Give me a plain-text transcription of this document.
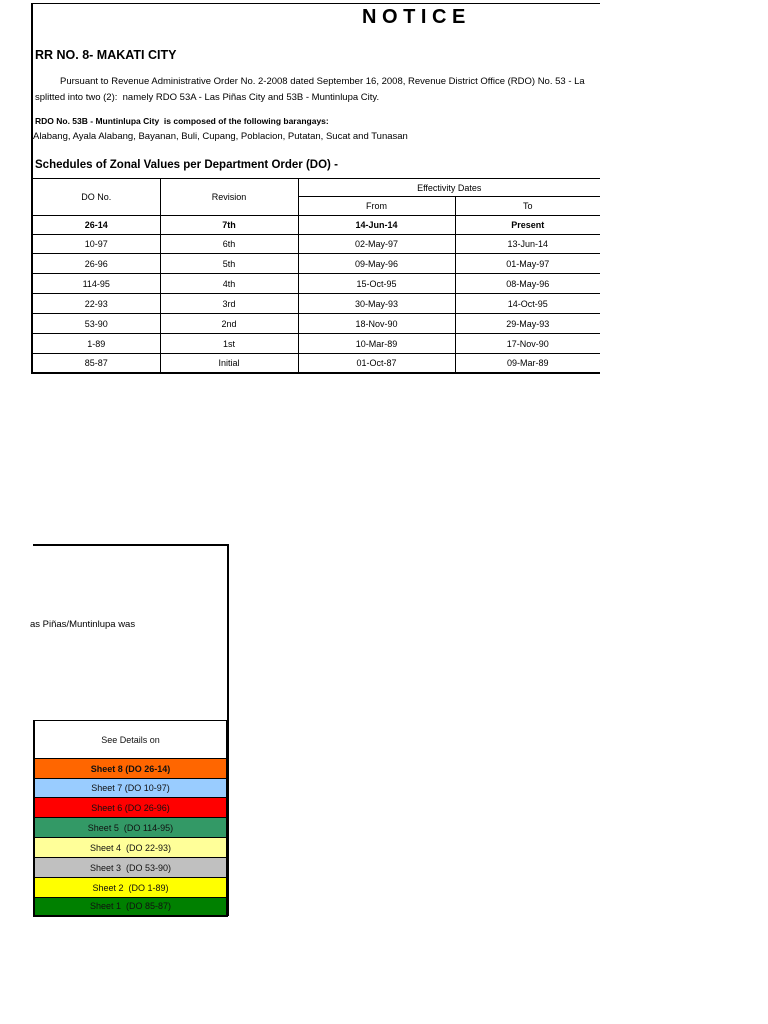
N O T I C E
RR NO. 8- MAKATI CITY
Pursuant to Revenue Administrative Order No. 2-2008 dated September 16, 2008, Revenue District Office (RDO) No. 53 - La
splitted into two (2):  namely RDO 53A - Las Piñas City and 53B - Muntinlupa City.
RDO No. 53B - Muntinlupa City  is composed of the following barangays:
Alabang, Ayala Alabang, Bayanan, Buli, Cupang, Poblacion, Putatan, Sucat and Tunasan
Schedules of Zonal Values per Department Order (DO) -
DO No.	Revision	Effectivity Dates	
		From	To
26-14	7th	14-Jun-14	Present
10-97	6th	02-May-97	13-Jun-14
26-96	5th	09-May-96	01-May-97
114-95	4th	15-Oct-95	08-May-96
22-93	3rd	30-May-93	14-Oct-95
53-90	2nd	18-Nov-90	29-May-93
1-89	1st	10-Mar-89	17-Nov-90
85-87	Initial	01-Oct-87	09-Mar-89
as Piñas/Muntinlupa was
See Details on
Sheet 8 (DO 26-14)
Sheet 7 (DO 10-97)
Sheet 6 (DO 26-96)
Sheet 5  (DO 114-95)
Sheet 4  (DO 22-93)
Sheet 3  (DO 53-90)
Sheet 2  (DO 1-89)
Sheet 1  (DO 85-87)
